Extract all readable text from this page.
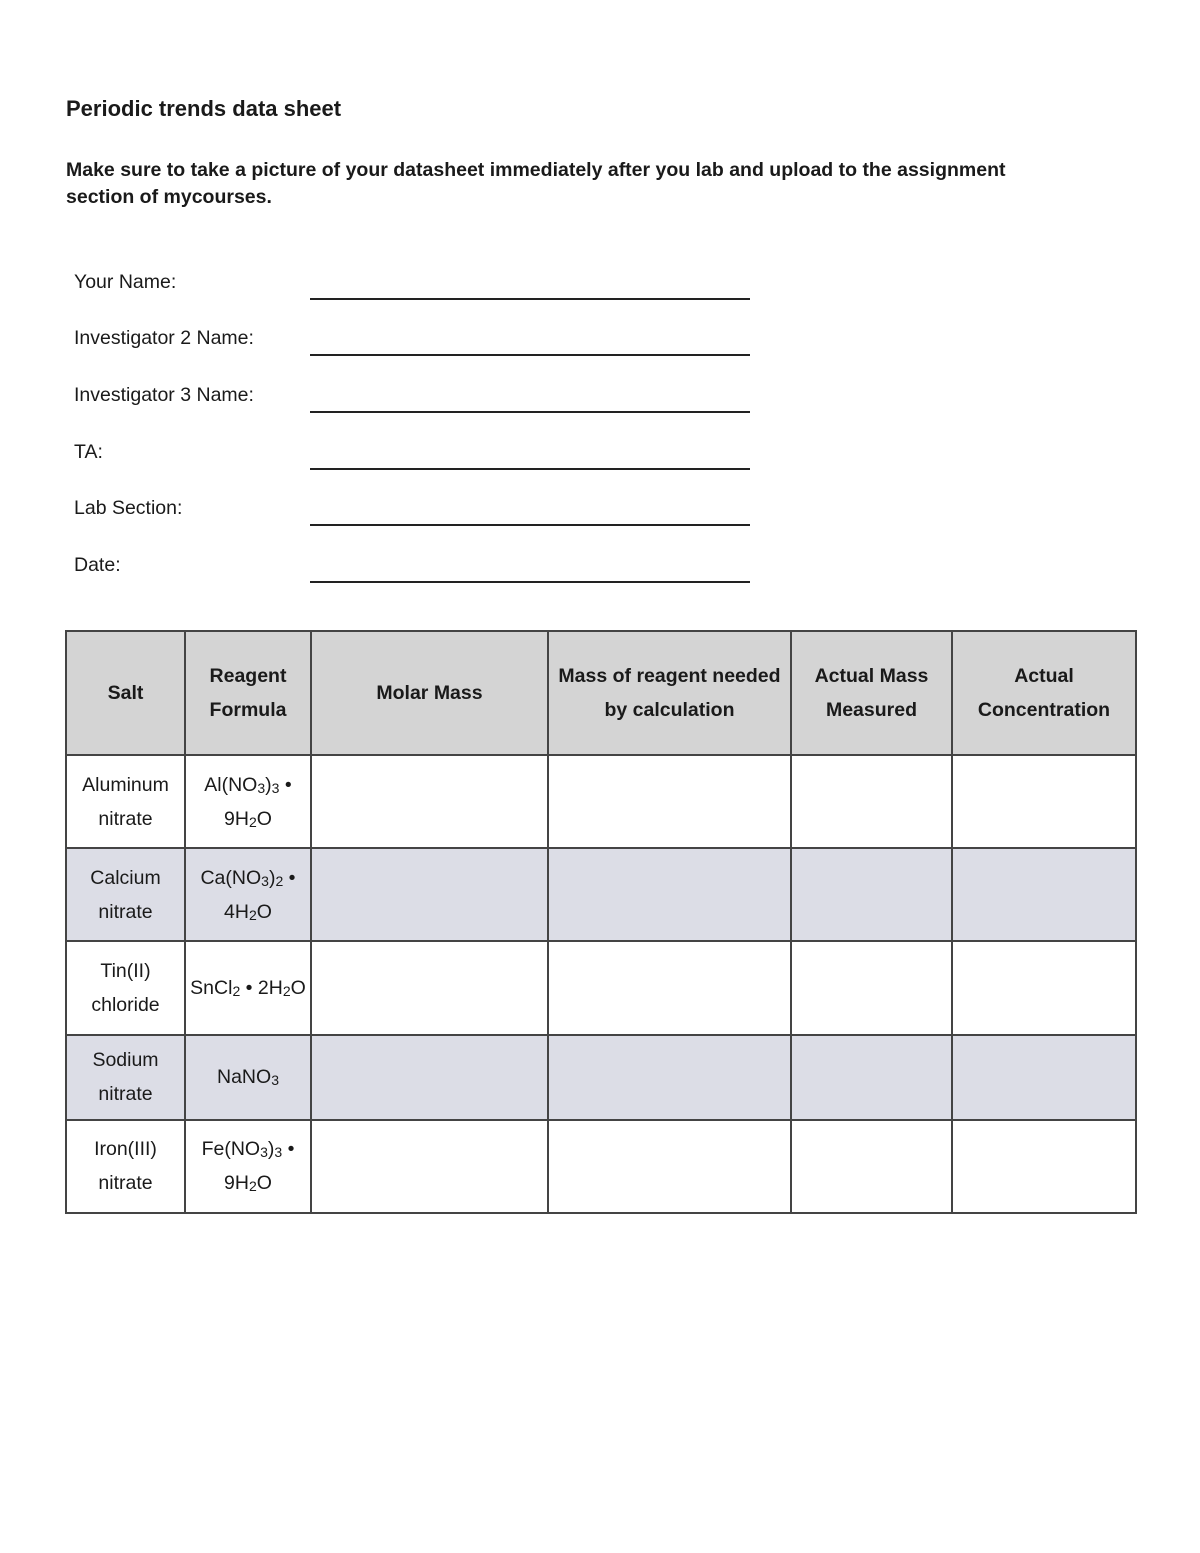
Periodic trends data sheet

Make sure to take a picture of your datasheet immediately after you lab and upload to the assignment section of mycourses.

Your Name:
Investigator 2 Name:
Investigator 3 Name:
TA:
Lab Section:
Date:
Salt	Reagent Formula	Molar Mass	Mass of reagent needed by calculation	Actual Mass Measured	Actual Concentration
Aluminum nitrate	$Al(NO_3)_3$ • $9H_2O$				
Calcium nitrate	$Ca(NO_3)_2$ • $4H_2O$				
Tin(II) chloride	SnCl$_2$ • $2H_2O$				
Sodium nitrate	NaNO$_3$				
Iron(III) nitrate	$Fe(NO_3)_3$ • $9H_2O$				
